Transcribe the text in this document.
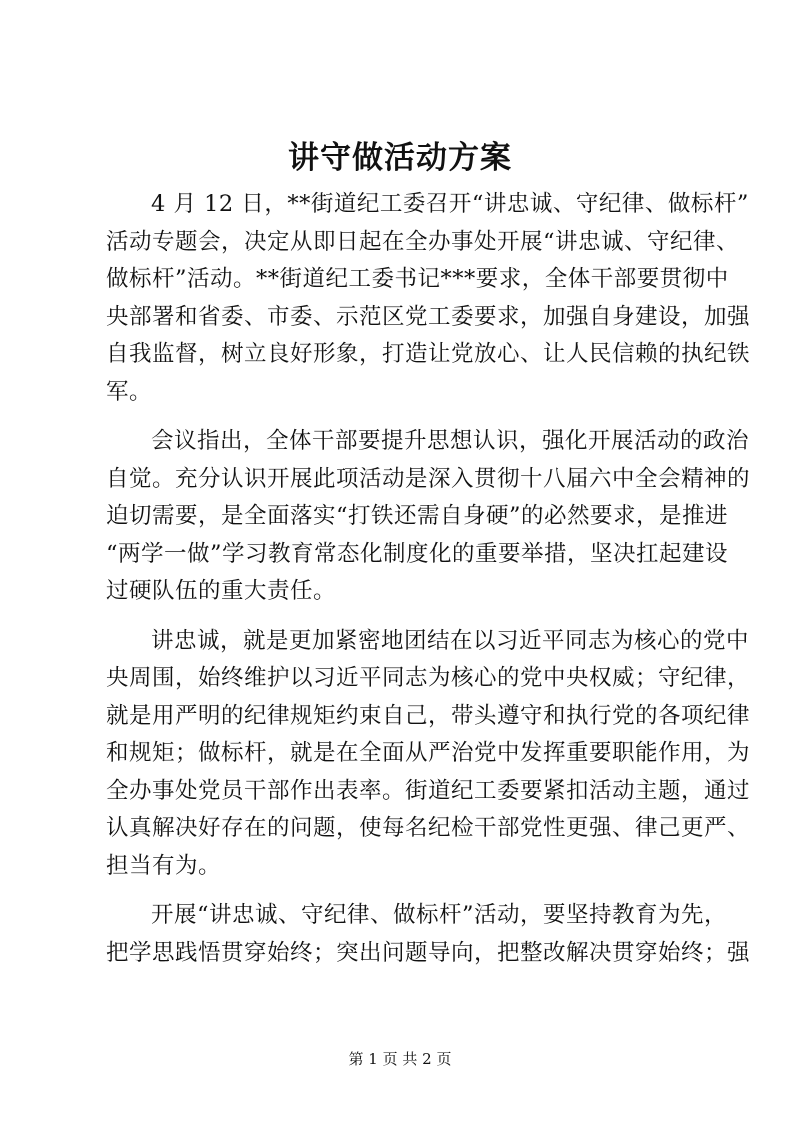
讲守做活动方案
4 月 12 日，**街道纪工委召开“讲忠诚、守纪律、做标杆”
活动专题会，决定从即日起在全办事处开展“讲忠诚、守纪律、
做标杆”活动。**街道纪工委书记***要求，全体干部要贯彻中
央部署和省委、市委、示范区党工委要求，加强自身建设，加强
自我监督，树立良好形象，打造让党放心、让人民信赖的执纪铁
军。
会议指出，全体干部要提升思想认识，强化开展活动的政治
自觉。充分认识开展此项活动是深入贯彻十八届六中全会精神的
迫切需要，是全面落实“打铁还需自身硬”的必然要求，是推进
“两学一做”学习教育常态化制度化的重要举措，坚决扛起建设
过硬队伍的重大责任。
讲忠诚，就是更加紧密地团结在以习近平同志为核心的党中
央周围，始终维护以习近平同志为核心的党中央权威；守纪律，
就是用严明的纪律规矩约束自己，带头遵守和执行党的各项纪律
和规矩；做标杆，就是在全面从严治党中发挥重要职能作用，为
全办事处党员干部作出表率。街道纪工委要紧扣活动主题，通过
认真解决好存在的问题，使每名纪检干部党性更强、律己更严、
担当有为。
开展“讲忠诚、守纪律、做标杆”活动，要坚持教育为先，
把学思践悟贯穿始终；突出问题导向，把整改解决贯穿始终；强
第 1 页 共 2 页
